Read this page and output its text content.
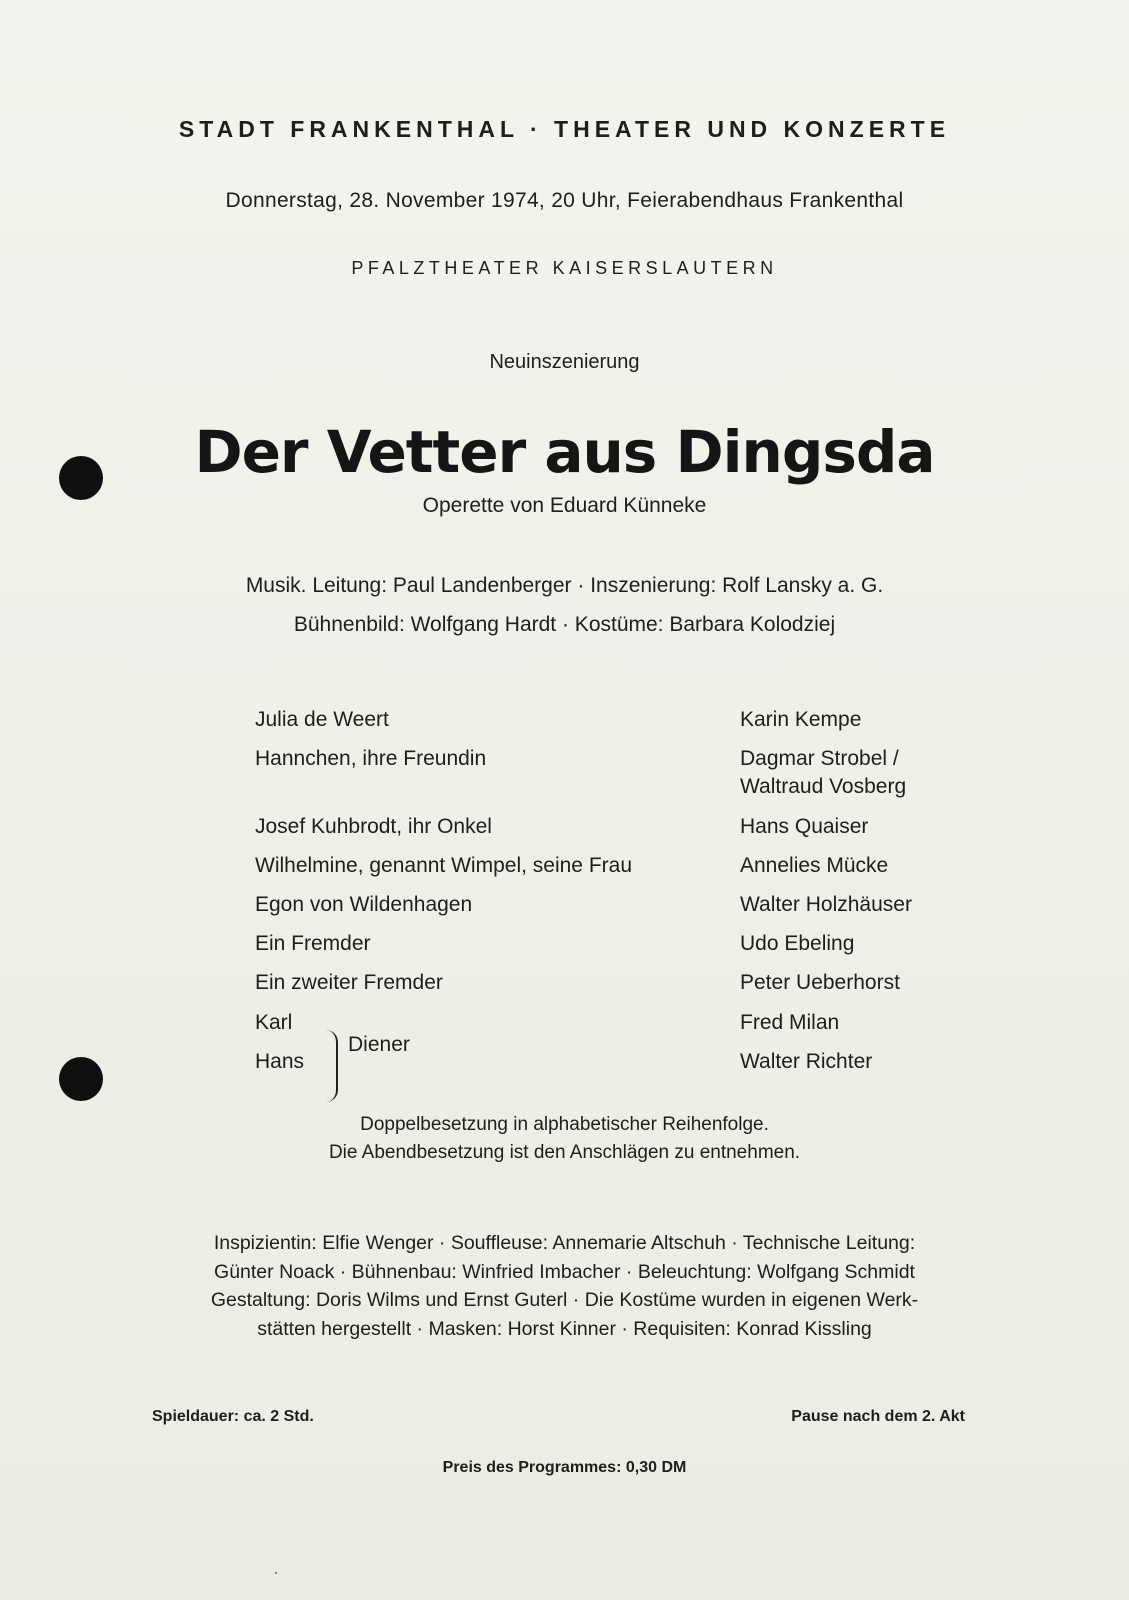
STADT FRANKENTHAL · THEATER UND KONZERTE
Donnerstag, 28. November 1974, 20 Uhr, Feierabendhaus Frankenthal
PFALZTHEATER KAISERSLAUTERN
Neuinszenierung
Der Vetter aus Dingsda
Operette von Eduard Künneke
Musik. Leitung: Paul Landenberger · Inszenierung: Rolf Lansky a. G.
Bühnenbild: Wolfgang Hardt · Kostüme: Barbara Kolodziej
Julia de Weert	Karin Kempe
Hannchen, ihre Freundin	Dagmar Strobel /
Waltraud Vosberg
Josef Kuhbrodt, ihr Onkel	Hans Quaiser
Wilhelmine, genannt Wimpel, seine Frau	Annelies Mücke
Egon von Wildenhagen	Walter Holzhäuser
Ein Fremder	Udo Ebeling
Ein zweiter Fremder	Peter Ueberhorst
Karl	Fred Milan
Hans	Walter Richter
Diener
Doppelbesetzung in alphabetischer Reihenfolge.
Die Abendbesetzung ist den Anschlägen zu entnehmen.
Inspizientin: Elfie Wenger · Souffleuse: Annemarie Altschuh · Technische Leitung:
Günter Noack · Bühnenbau: Winfried Imbacher · Beleuchtung: Wolfgang Schmidt
Gestaltung: Doris Wilms und Ernst Guterl · Die Kostüme wurden in eigenen Werk-
stätten hergestellt · Masken: Horst Kinner · Requisiten: Konrad Kissling
Spieldauer: ca. 2 Std.	Pause nach dem 2. Akt
Preis des Programmes: 0,30 DM
